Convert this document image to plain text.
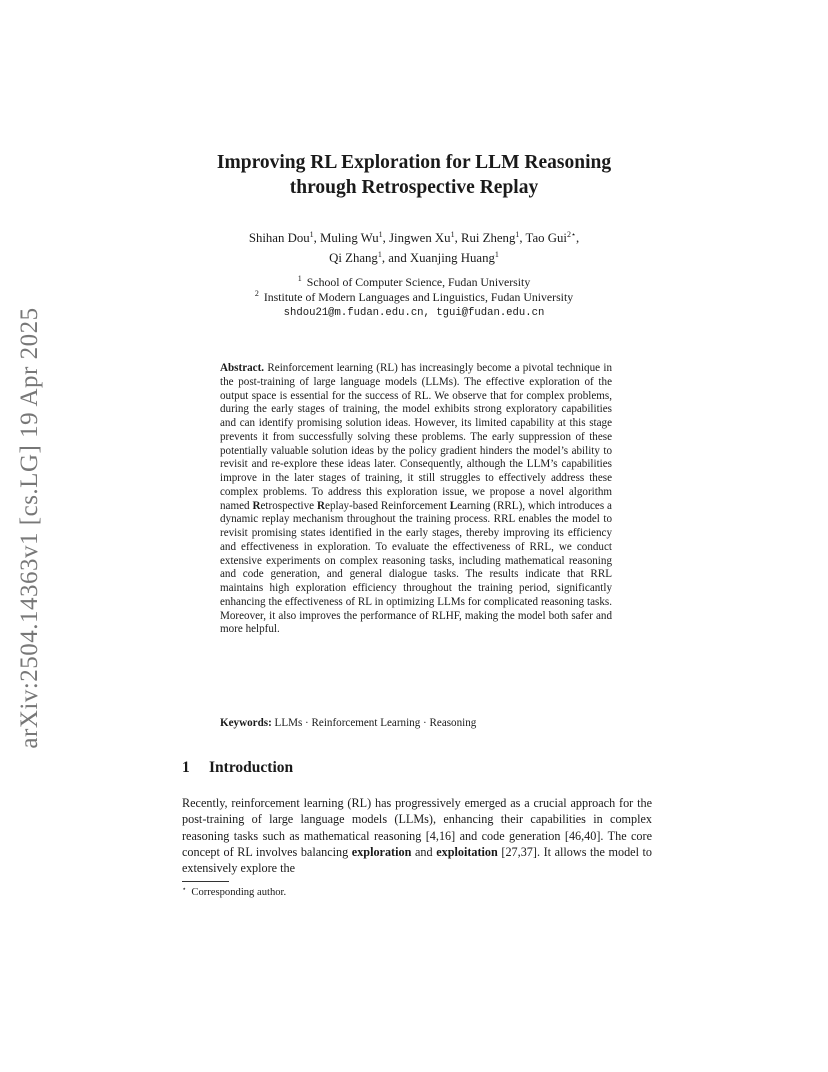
arXiv:2504.14363v1 [cs.LG] 19 Apr 2025
Improving RL Exploration for LLM Reasoning
through Retrospective Replay
Shihan Dou$^1$, Muling Wu$^1$, Jingwen Xu$^1$, Rui Zheng$^1$, Tao Gui$^{2⋆}$,
Qi Zhang$^1$, and Xuanjing Huang$^1$
$^1$ School of Computer Science, Fudan University
$^2$ Institute of Modern Languages and Linguistics, Fudan University
shdou21@m.fudan.edu.cn, tgui@fudan.edu.cn
Abstract. Reinforcement learning (RL) has increasingly become a pivotal technique in the post-training of large language models (LLMs). The effective exploration of the output space is essential for the success of RL. We observe that for complex problems, during the early stages of training, the model exhibits strong exploratory capabilities and can identify promising solution ideas. However, its limited capability at this stage prevents it from successfully solving these problems. The early suppression of these potentially valuable solution ideas by the policy gradient hinders the model’s ability to revisit and re-explore these ideas later. Consequently, although the LLM’s capabilities improve in the later stages of training, it still struggles to effectively address these complex problems. To address this exploration issue, we propose a novel algorithm named Retrospective Replay-based Reinforcement Learning (RRL), which introduces a dynamic replay mechanism throughout the training process. RRL enables the model to revisit promising states identified in the early stages, thereby improving its efficiency and effectiveness in exploration. To evaluate the effectiveness of RRL, we conduct extensive experiments on complex reasoning tasks, including mathematical reasoning and code generation, and general dialogue tasks. The results indicate that RRL maintains high exploration efficiency throughout the training period, significantly enhancing the effectiveness of RL in optimizing LLMs for complicated reasoning tasks. Moreover, it also improves the performance of RLHF, making the model both safer and more helpful.
Keywords: LLMs · Reinforcement Learning · Reasoning
1 Introduction
Recently, reinforcement learning (RL) has progressively emerged as a crucial approach for the post-training of large language models (LLMs), enhancing their capabilities in complex reasoning tasks such as mathematical reasoning [4,16] and code generation [46,40]. The core concept of RL involves balancing exploration and exploitation [27,37]. It allows the model to extensively explore the
⋆ Corresponding author.
